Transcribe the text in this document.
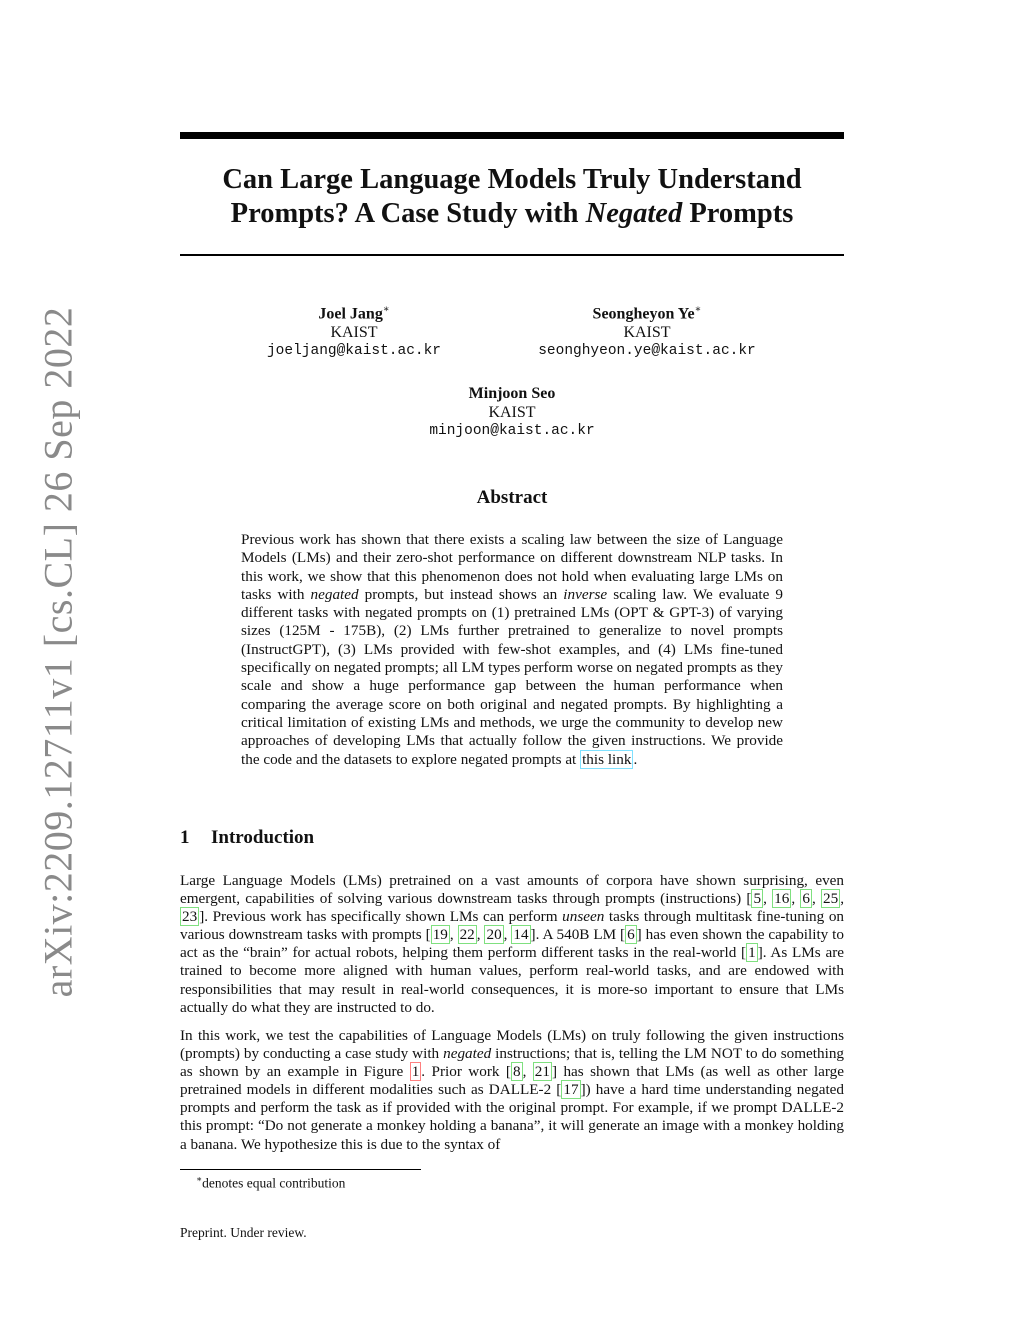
arXiv:2209.12711v1 [cs.CL] 26 Sep 2022
Can Large Language Models Truly Understand
Prompts? A Case Study with Negated Prompts
Joel Jang∗
KAIST
joeljang@kaist.ac.kr
Seongheyon Ye∗
KAIST
seonghyeon.ye@kaist.ac.kr
Minjoon Seo
KAIST
minjoon@kaist.ac.kr
Abstract
Previous work has shown that there exists a scaling law between the size of Language Models (LMs) and their zero-shot performance on different downstream NLP tasks. In this work, we show that this phenomenon does not hold when evaluating large LMs on tasks with negated prompts, but instead shows an inverse scaling law. We evaluate 9 different tasks with negated prompts on (1) pretrained LMs (OPT & GPT-3) of varying sizes (125M - 175B), (2) LMs further pretrained to generalize to novel prompts (InstructGPT), (3) LMs provided with few-shot examples, and (4) LMs fine-tuned specifically on negated prompts; all LM types perform worse on negated prompts as they scale and show a huge performance gap between the human performance when comparing the average score on both original and negated prompts. By highlighting a critical limitation of existing LMs and methods, we urge the community to develop new approaches of developing LMs that actually follow the given instructions. We provide the code and the datasets to explore negated prompts at this link .
1 Introduction
Large Language Models (LMs) pretrained on a vast amounts of corpora have shown surprising, even emergent, capabilities of solving various downstream tasks through prompts (instructions) [ 5 , 16 , 6 , 25 , 23 ]. Previous work has specifically shown LMs can perform unseen tasks through multitask fine-tuning on various downstream tasks with prompts [ 19 , 22 , 20 , 14 ]. A 540B LM [ 6 ] has even shown the capability to act as the “brain” for actual robots, helping them perform different tasks in the real-world [ 1 ]. As LMs are trained to become more aligned with human values, perform real-world tasks, and are endowed with responsibilities that may result in real-world consequences, it is more-so important to ensure that LMs actually do what they are instructed to do.
In this work, we test the capabilities of Language Models (LMs) on truly following the given instructions (prompts) by conducting a case study with negated instructions; that is, telling the LM NOT to do something as shown by an example in Figure 1 . Prior work [ 8 , 21 ] has shown that LMs (as well as other large pretrained models in different modalities such as DALLE-2 [ 17 ]) have a hard time understanding negated prompts and perform the task as if provided with the original prompt. For example, if we prompt DALLE-2 this prompt: “Do not generate a monkey holding a banana”, it will generate an image with a monkey holding a banana. We hypothesize this is due to the syntax of
∗denotes equal contribution
Preprint. Under review.
